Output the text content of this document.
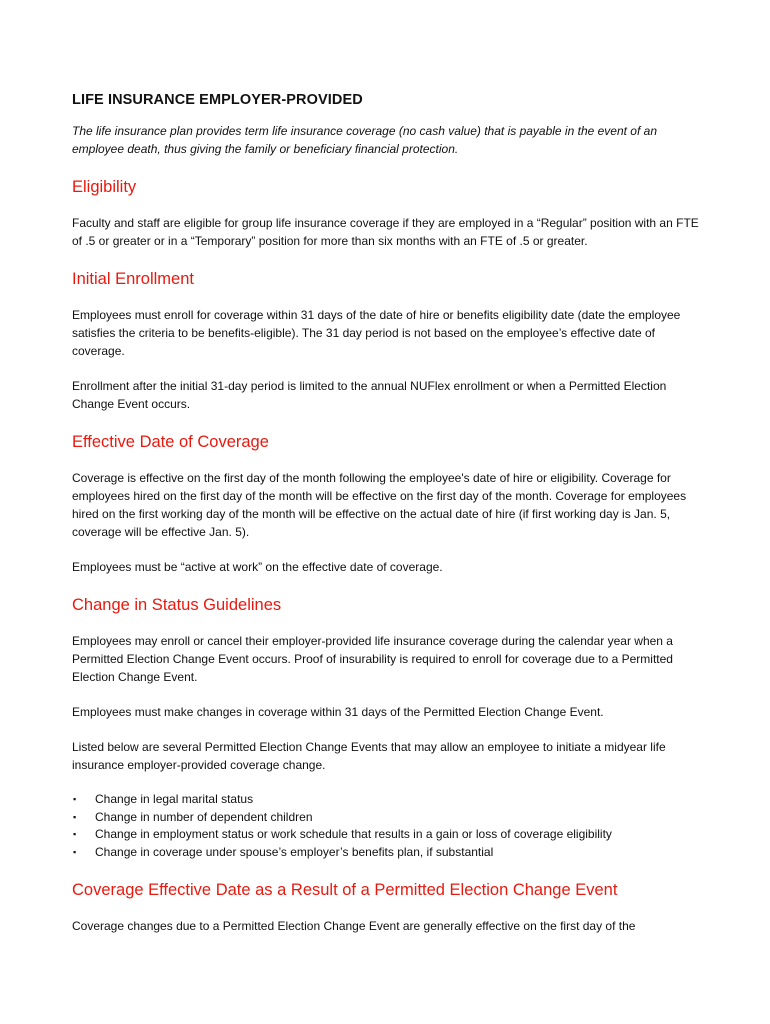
LIFE INSURANCE EMPLOYER-PROVIDED

The life insurance plan provides term life insurance coverage (no cash value) that is payable in the event of an employee death, thus giving the family or beneficiary financial protection.

Eligibility

Faculty and staff are eligible for group life insurance coverage if they are employed in a “Regular” position with an FTE of .5 or greater or in a “Temporary” position for more than six months with an FTE of .5 or greater.

Initial Enrollment

Employees must enroll for coverage within 31 days of the date of hire or benefits eligibility date (date the employee satisfies the criteria to be benefits-eligible). The 31 day period is not based on the employee’s effective date of coverage.

Enrollment after the initial 31-day period is limited to the annual NUFlex enrollment or when a Permitted Election Change Event occurs.

Effective Date of Coverage

Coverage is effective on the first day of the month following the employee's date of hire or eligibility. Coverage for employees hired on the first day of the month will be effective on the first day of the month. Coverage for employees hired on the first working day of the month will be effective on the actual date of hire (if first working day is Jan. 5, coverage will be effective Jan. 5).

Employees must be “active at work” on the effective date of coverage.

Change in Status Guidelines

Employees may enroll or cancel their employer-provided life insurance coverage during the calendar year when a Permitted Election Change Event occurs. Proof of insurability is required to enroll for coverage due to a Permitted Election Change Event.

Employees must make changes in coverage within 31 days of the Permitted Election Change Event.

Listed below are several Permitted Election Change Events that may allow an employee to initiate a midyear life insurance employer-provided coverage change.

▪ Change in legal marital status
▪ Change in number of dependent children
▪ Change in employment status or work schedule that results in a gain or loss of coverage eligibility
▪ Change in coverage under spouse’s employer’s benefits plan, if substantial
Coverage Effective Date as a Result of a Permitted Election Change Event

Coverage changes due to a Permitted Election Change Event are generally effective on the first day of the
